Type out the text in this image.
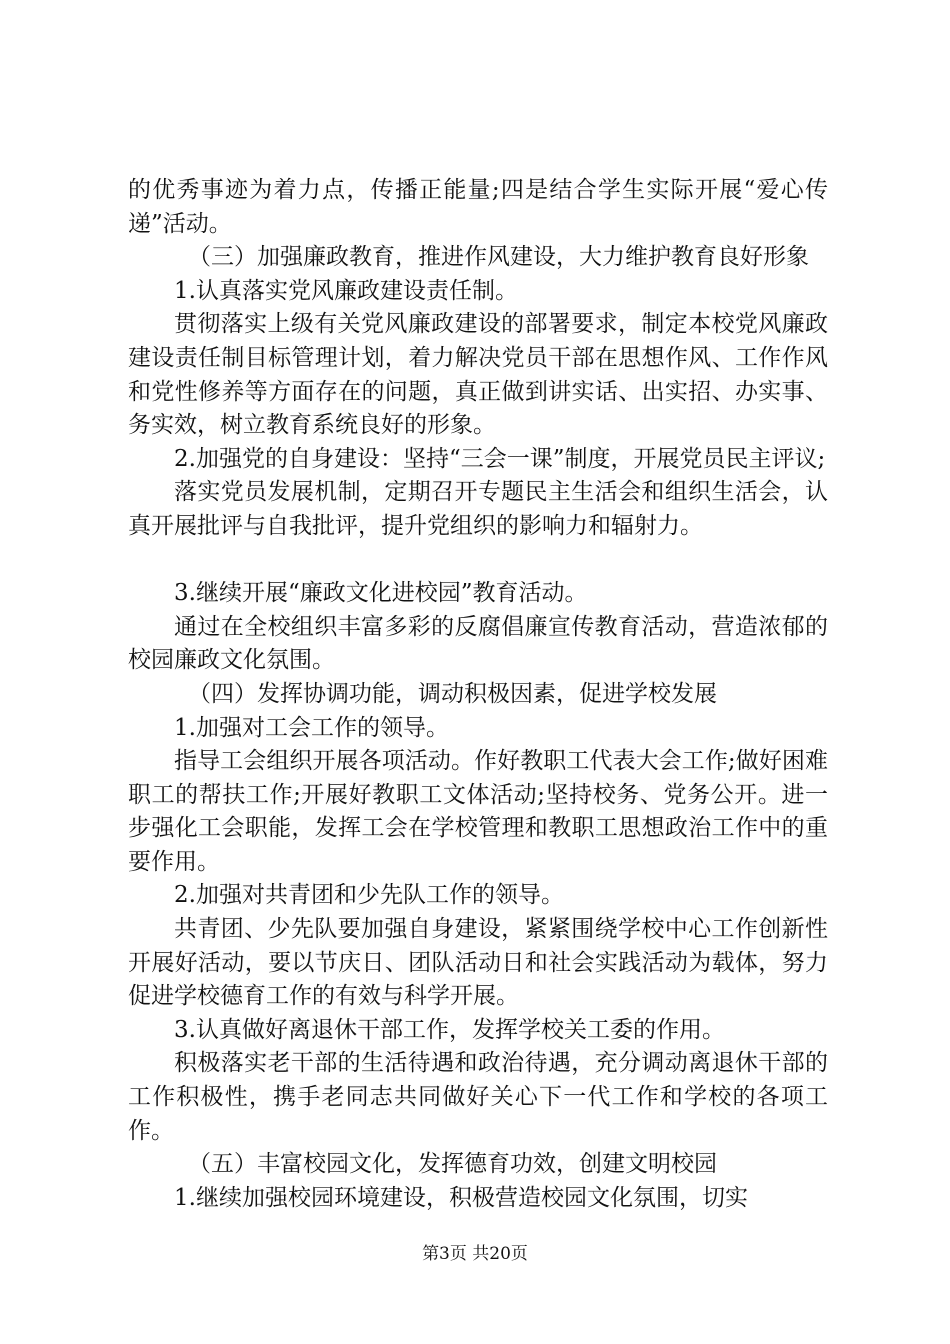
的优秀事迹为着力点，传播正能量;四是结合学生实际开展“爱心传递”活动。

（三）加强廉政教育，推进作风建设，大力维护教育良好形象

1.认真落实党风廉政建设责任制。

贯彻落实上级有关党风廉政建设的部署要求，制定本校党风廉政建设责任制目标管理计划，着力解决党员干部在思想作风、工作作风和党性修养等方面存在的问题，真正做到讲实话、出实招、办实事、务实效，树立教育系统良好的形象。

2.加强党的自身建设：坚持“三会一课”制度，开展党员民主评议;

落实党员发展机制，定期召开专题民主生活会和组织生活会，认真开展批评与自我批评，提升党组织的影响力和辐射力。

3.继续开展“廉政文化进校园”教育活动。

通过在全校组织丰富多彩的反腐倡廉宣传教育活动，营造浓郁的校园廉政文化氛围。

（四）发挥协调功能，调动积极因素，促进学校发展

1.加强对工会工作的领导。

指导工会组织开展各项活动。作好教职工代表大会工作;做好困难职工的帮扶工作;开展好教职工文体活动;坚持校务、党务公开。进一步强化工会职能，发挥工会在学校管理和教职工思想政治工作中的重要作用。

2.加强对共青团和少先队工作的领导。

共青团、少先队要加强自身建设，紧紧围绕学校中心工作创新性开展好活动，要以节庆日、团队活动日和社会实践活动为载体，努力促进学校德育工作的有效与科学开展。

3.认真做好离退休干部工作，发挥学校关工委的作用。

积极落实老干部的生活待遇和政治待遇，充分调动离退休干部的工作积极性，携手老同志共同做好关心下一代工作和学校的各项工作。

（五）丰富校园文化，发挥德育功效，创建文明校园

1.继续加强校园环境建设，积极营造校园文化氛围，切实

第3页 共20页
